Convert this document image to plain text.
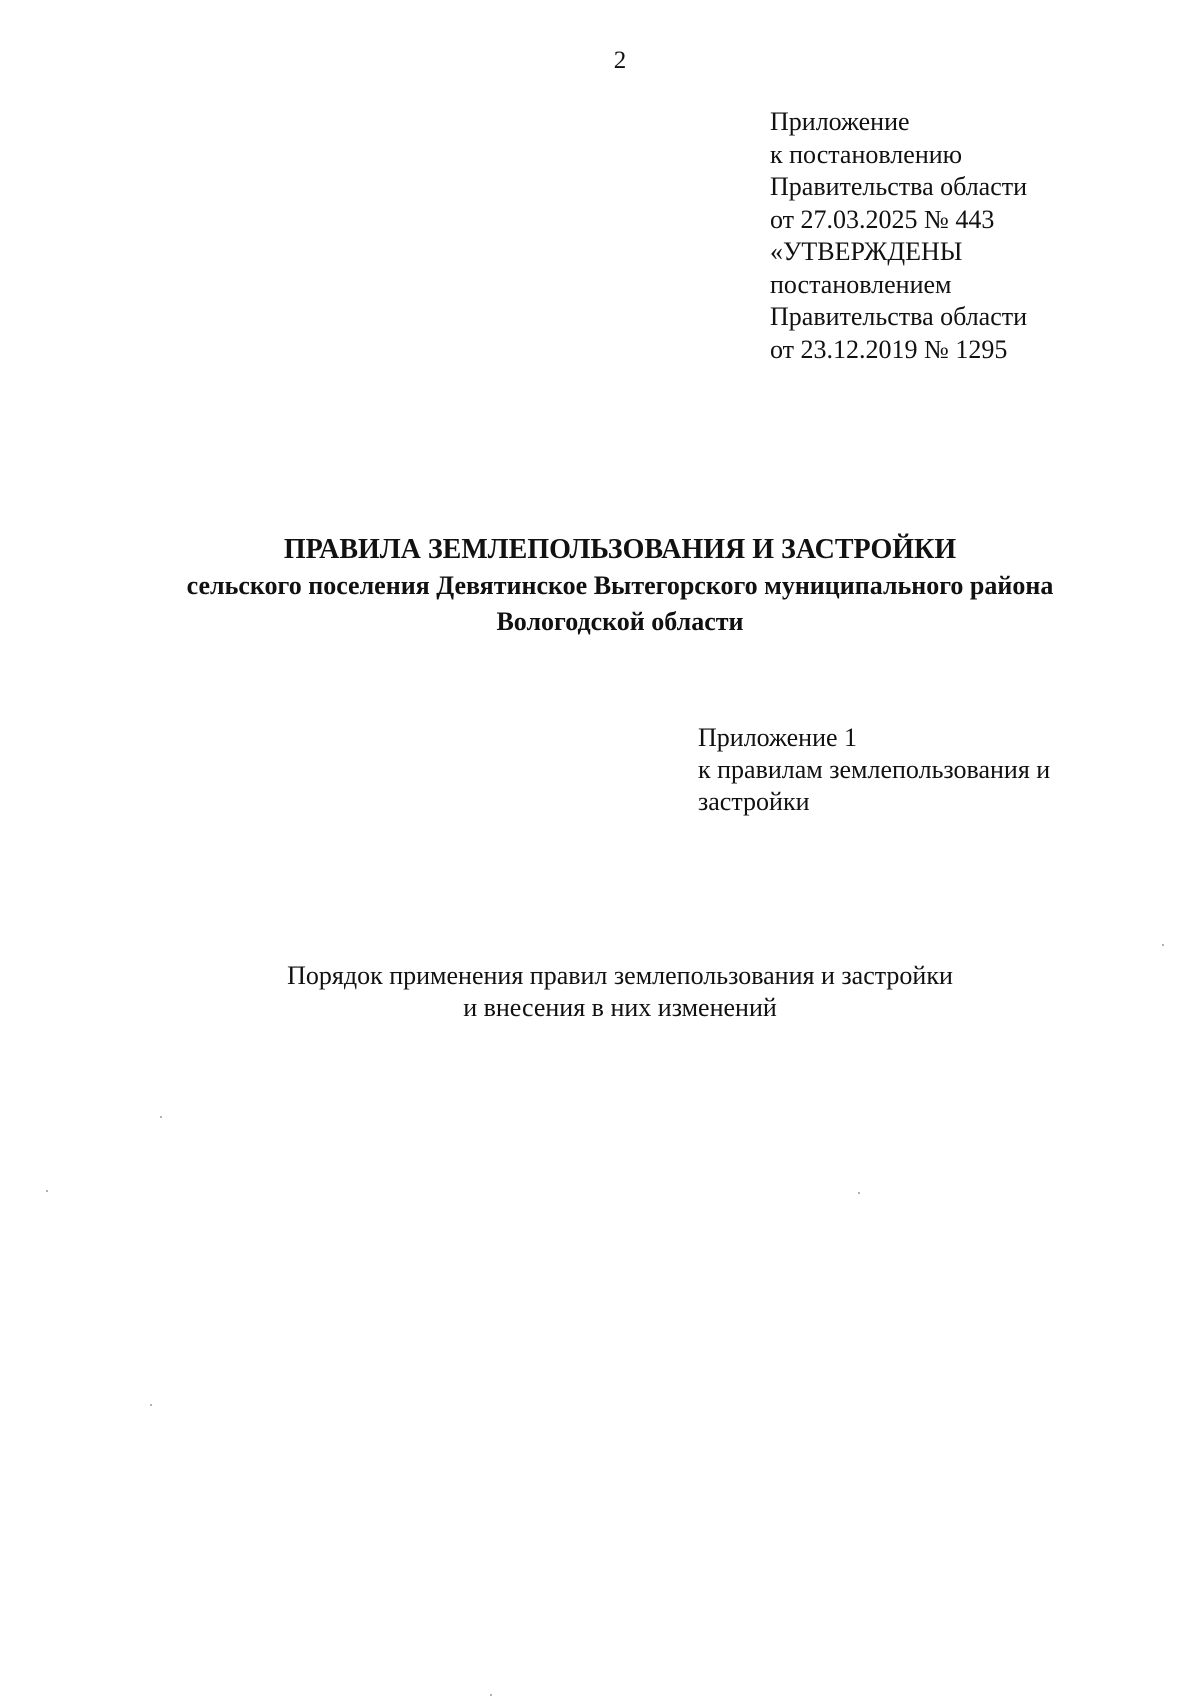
2
Приложение
к постановлению
Правительства области
от 27.03.2025 № 443
«УТВЕРЖДЕНЫ
постановлением
Правительства области
от 23.12.2019 № 1295
ПРАВИЛА ЗЕМЛЕПОЛЬЗОВАНИЯ И ЗАСТРОЙКИ
сельского поселения Девятинское Вытегорского муниципального района
Вологодской области
Приложение 1
к правилам землепользования и
застройки
Порядок применения правил землепользования и застройки
и внесения в них изменений
